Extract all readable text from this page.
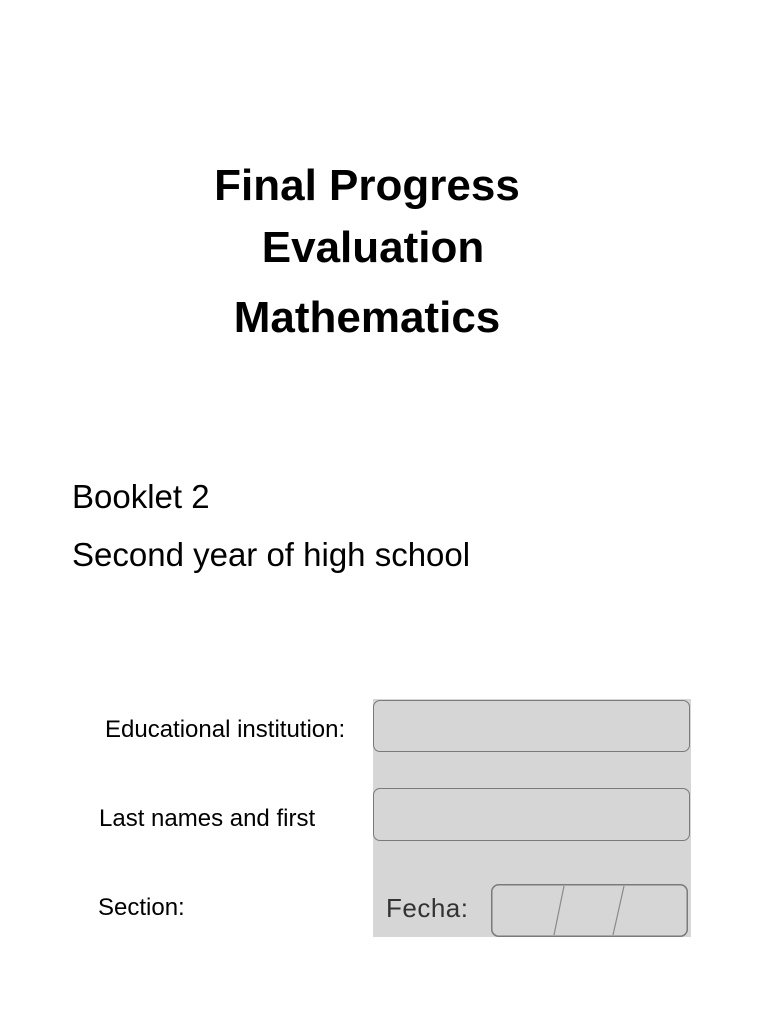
Final Progress
Evaluation
Mathematics
Booklet 2
Second year of high school
Educational institution:
Last names and first
Section:	Fecha:
